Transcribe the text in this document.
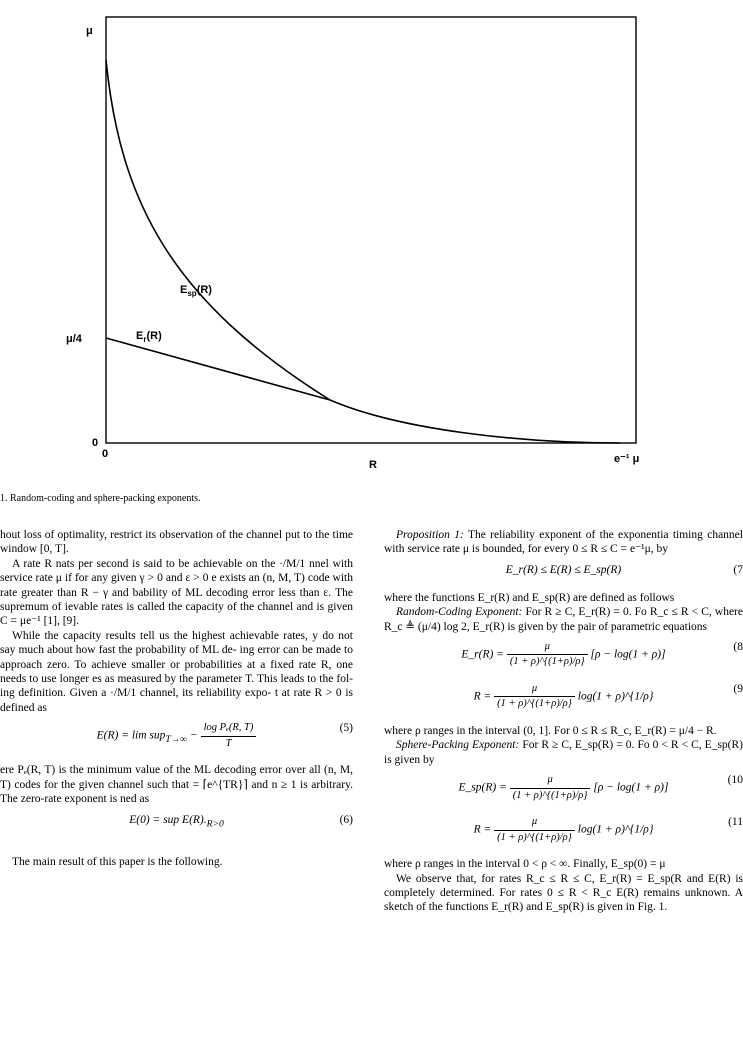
μ
μ/4
0
0	e⁻¹ μ
R
$E_{sp}(R)$
$E_r(R)$
1. Random-coding and sphere-packing exponents.

hout loss of optimality, restrict its observation of the channel put to the time window [0, T].

A rate R nats per second is said to be achievable on the ·/M/1 nnel with service rate μ if for any given γ > 0 and ε > 0 e exists an (n, M, T) code with rate greater than R − γ and bability of ML decoding error less than ε. The supremum of ievable rates is called the capacity of the channel and is given C = μe⁻¹ [1], [9].

While the capacity results tell us the highest achievable rates, y do not say much about how fast the probability of ML de- ing error can be made to approach zero. To achieve smaller or probabilities at a fixed rate R, one needs to use longer es as measured by the parameter T. This leads to the fol- ing definition. Given a ·/M/1 channel, its reliability expo- t at rate R > 0 is defined as

$E(R) = \lim sup_{T\to\infty} - \frac{\text{log Pₑ(R, T)}}{T}$	(5)

ere Pₑ(R, T) is the minimum value of the ML decoding error over all (n, M, T) codes for the given channel such that = ⌈e^{TR}⌉ and n ≥ 1 is arbitrary. The zero-rate exponent is ned as

E(0) = sup $E(R)._{R>0}$	(6)

The main result of this paper is the following.

Proposition 1: The reliability exponent of the exponentia timing channel with service rate μ is bounded, for every 0 ≤ R ≤ C = e⁻¹μ, by

E_r(R) ≤ E(R) ≤ E_sp(R)	(7

where the functions E_r(R) and E_sp(R) are defined as follows

Random-Coding Exponent: For R ≥ C, E_r(R) = 0. Fo R_c ≤ R < C, where R_c ≜ (μ/4) log 2, E_r(R) is given by the pair of parametric equations

E_r(R) = $\frac{\mu}{(1 + \rho)\^{}\{(1+\rho)/\rho\}} [\rho - \log(1 + \rho)]$
(8
$R = \frac{\mu}{(1 + \rho)\^{}\{(1+\rho)/\rho\}} \log(1$ + ρ)^{1/ρ}
(9

where ρ ranges in the interval (0, 1]. For 0 ≤ R ≤ R_c, E_r(R) = μ/4 − R.

Sphere-Packing Exponent: For R ≥ C, E_sp(R) = 0. Fo 0 < R < C, E_sp(R) is given by

E_sp(R) = $\frac{\mu}{(1 + \rho)\^{}\{(1+\rho)/\rho\}} [\rho - \log(1 + \rho)]$
(10
$R = \frac{\mu}{(1 + \rho)\^{}\{(1+\rho)/\rho\}} \log(1$ + ρ)^{1/ρ}
(11

where ρ ranges in the interval 0 < ρ < ∞. Finally, E_sp(0) = μ

We observe that, for rates R_c ≤ R ≤ C, E_r(R) = E_sp(R and E(R) is completely determined. For rates 0 ≤ R < R_c E(R) remains unknown. A sketch of the functions E_r(R) and E_sp(R) is given in Fig. 1.
